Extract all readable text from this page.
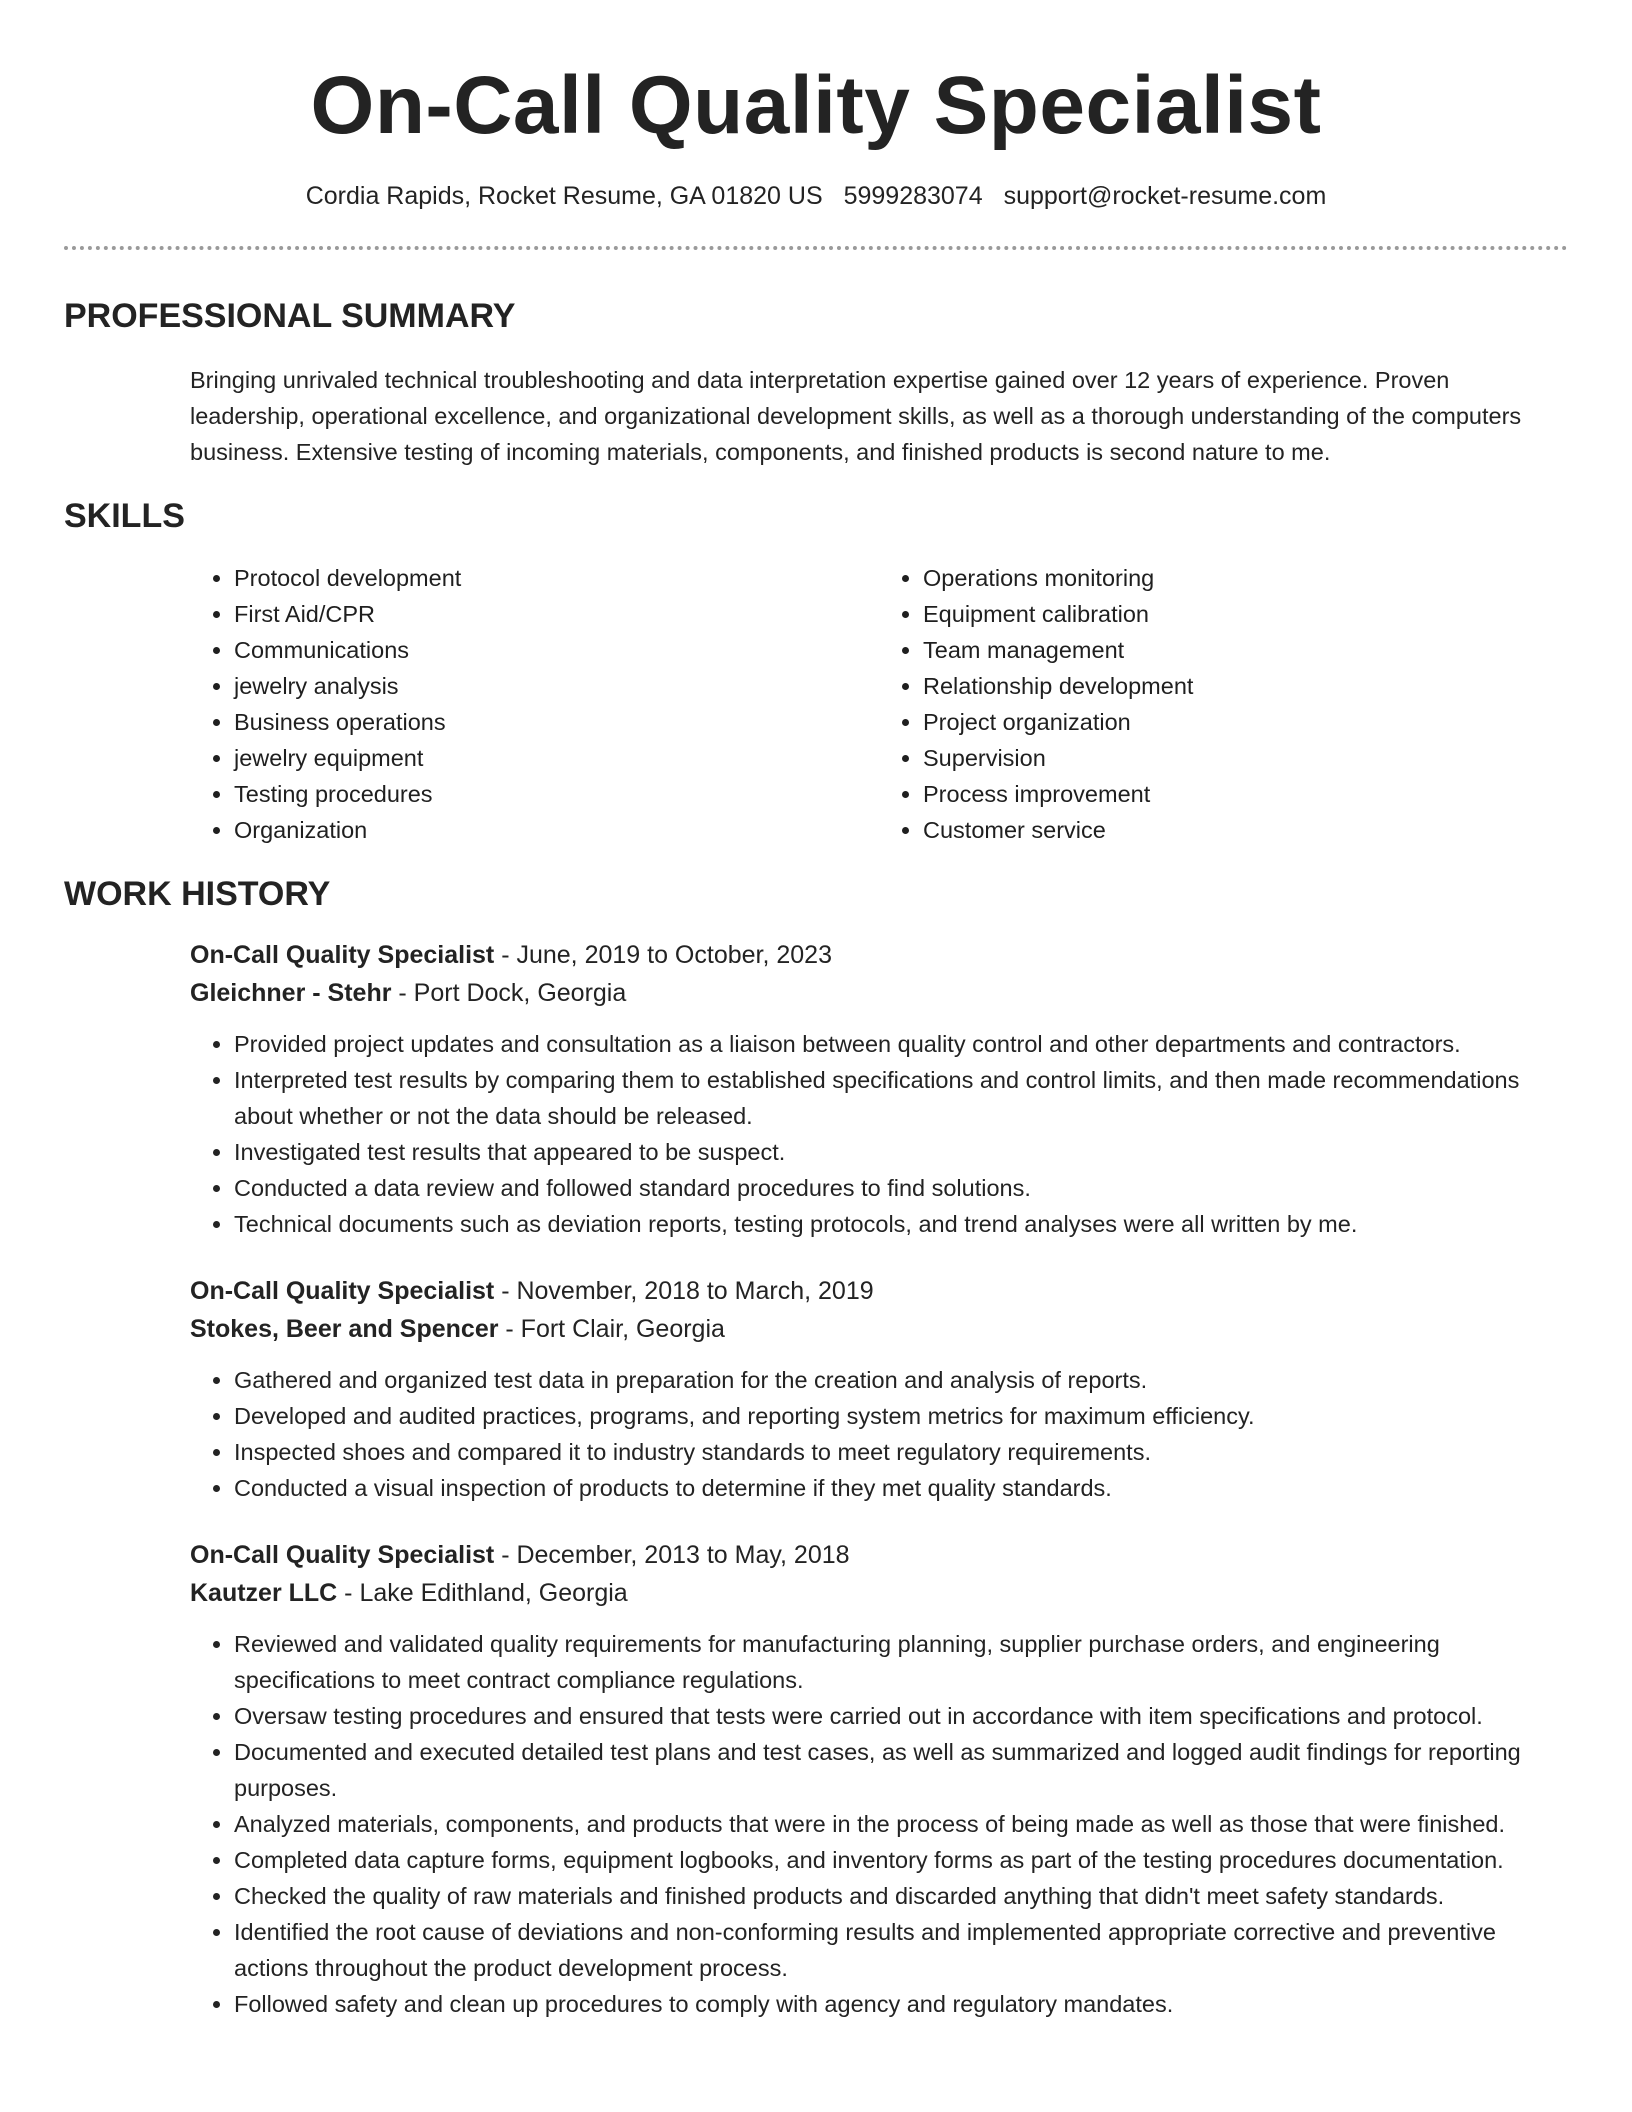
On-Call Quality Specialist
Cordia Rapids, Rocket Resume, GA 01820 US 5999283074 support@rocket-resume.com
PROFESSIONAL SUMMARY
Bringing unrivaled technical troubleshooting and data interpretation expertise gained over 12 years of experience. Proven leadership, operational excellence, and organizational development skills, as well as a thorough understanding of the computers business. Extensive testing of incoming materials, components, and finished products is second nature to me.
SKILLS
• Protocol development
• First Aid/CPR
• Communications
• jewelry analysis
• Business operations
• jewelry equipment
• Testing procedures
• Organization
• Operations monitoring
• Equipment calibration
• Team management
• Relationship development
• Project organization
• Supervision
• Process improvement
• Customer service
WORK HISTORY
On-Call Quality Specialist - June, 2019 to October, 2023
Gleichner - Stehr - Port Dock, Georgia
• Provided project updates and consultation as a liaison between quality control and other departments and contractors.
• Interpreted test results by comparing them to established specifications and control limits, and then made recommendations about whether or not the data should be released.
• Investigated test results that appeared to be suspect.
• Conducted a data review and followed standard procedures to find solutions.
• Technical documents such as deviation reports, testing protocols, and trend analyses were all written by me.
On-Call Quality Specialist - November, 2018 to March, 2019
Stokes, Beer and Spencer - Fort Clair, Georgia
• Gathered and organized test data in preparation for the creation and analysis of reports.
• Developed and audited practices, programs, and reporting system metrics for maximum efficiency.
• Inspected shoes and compared it to industry standards to meet regulatory requirements.
• Conducted a visual inspection of products to determine if they met quality standards.
On-Call Quality Specialist - December, 2013 to May, 2018
Kautzer LLC - Lake Edithland, Georgia
• Reviewed and validated quality requirements for manufacturing planning, supplier purchase orders, and engineering specifications to meet contract compliance regulations.
• Oversaw testing procedures and ensured that tests were carried out in accordance with item specifications and protocol.
• Documented and executed detailed test plans and test cases, as well as summarized and logged audit findings for reporting purposes.
• Analyzed materials, components, and products that were in the process of being made as well as those that were finished.
• Completed data capture forms, equipment logbooks, and inventory forms as part of the testing procedures documentation.
• Checked the quality of raw materials and finished products and discarded anything that didn't meet safety standards.
• Identified the root cause of deviations and non-conforming results and implemented appropriate corrective and preventive actions throughout the product development process.
• Followed safety and clean up procedures to comply with agency and regulatory mandates.
